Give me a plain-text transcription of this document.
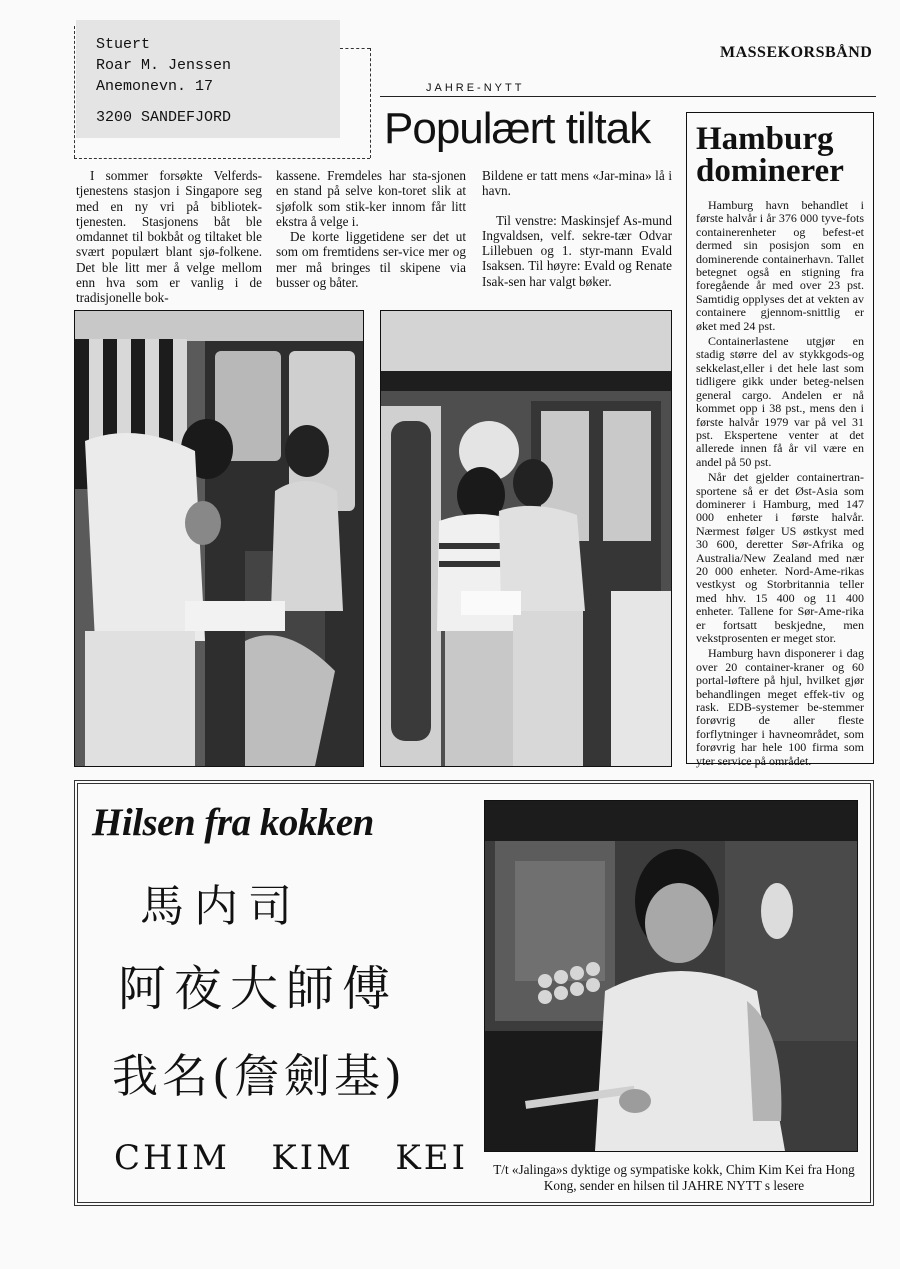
Stuert
Roar M. Jenssen
Anemonevn. 17
3200 SANDEFJORD
MASSEKORSBÅND
JAHRE-NYTT
Populært tiltak

I sommer forsøkte Velferds-tjenestens stasjon i Singapore seg med en ny vri på bibliotek-tjenesten. Stasjonens båt ble omdannet til bokbåt og tiltaket ble svært populært blant sjø-folkene. Det ble litt mer å velge mellom enn hva som er vanlig i de tradisjonelle bok-

kassene. Fremdeles har sta-sjonen en stand på selve kon-toret slik at sjøfolk som stik-ker innom får litt ekstra å velge i.

De korte liggetidene ser det ut som om fremtidens ser-vice mer og mer må bringes til skipene via busser og båter.

Bildene er tatt mens «Jar-mina» lå i havn.

Til venstre: Maskinsjef As-mund Ingvaldsen, velf. sekre-tær Odvar Lillebuen og 1. styr-mann Evald Isaksen. Til høyre: Evald og Renate Isak-sen har valgt bøker.

Hamburg
dominerer

Hamburg havn behandlet i første halvår i år 376 000 tyve-fots containerenheter og befest-et dermed sin posisjon som en dominerende containerhavn. Tallet betegnet også en stigning fra foregående år med over 23 pst. Samtidig opplyses det at vekten av containere gjennom-snittlig er øket med 24 pst.

Containerlastene utgjør en stadig større del av stykkgods-og sekkelast,eller i det hele last som tidligere gikk under beteg-nelsen general cargo. Andelen er nå kommet opp i 38 pst., mens den i første halvår 1979 var på vel 31 pst. Ekspertene venter at det allerede innen få år vil være en andel på 50 pst.

Når det gjelder containertran-sportene så er det Øst-Asia som dominerer i Hamburg, med 147 000 enheter i første halvår. Nærmest følger US østkyst med 30 600, deretter Sør-Afrika og Australia/New Zealand med nær 20 000 enheter. Nord-Ame-rikas vestkyst og Storbritannia teller med hhv. 15 400 og 11 400 enheter. Tallene for Sør-Ame-rika er fortsatt beskjedne, men vekstprosenten er meget stor.

Hamburg havn disponerer i dag over 20 container-kraner og 60 portal-løftere på hjul, hvilket gjør behandlingen meget effek-tiv og rask. EDB-systemer be-stemmer forøvrig de aller fleste forflytninger i havneområdet, som forøvrig har hele 100 firma som yter service på området.

Hilsen fra kokken
馬内司
阿夜大師傅
我名(詹劍基)
CHIM   KIM   KEI	T/t «Jalinga»s dyktige og sympatiske kokk, Chim Kim Kei fra Hong Kong, sender en hilsen til JAHRE NYTT s lesere
